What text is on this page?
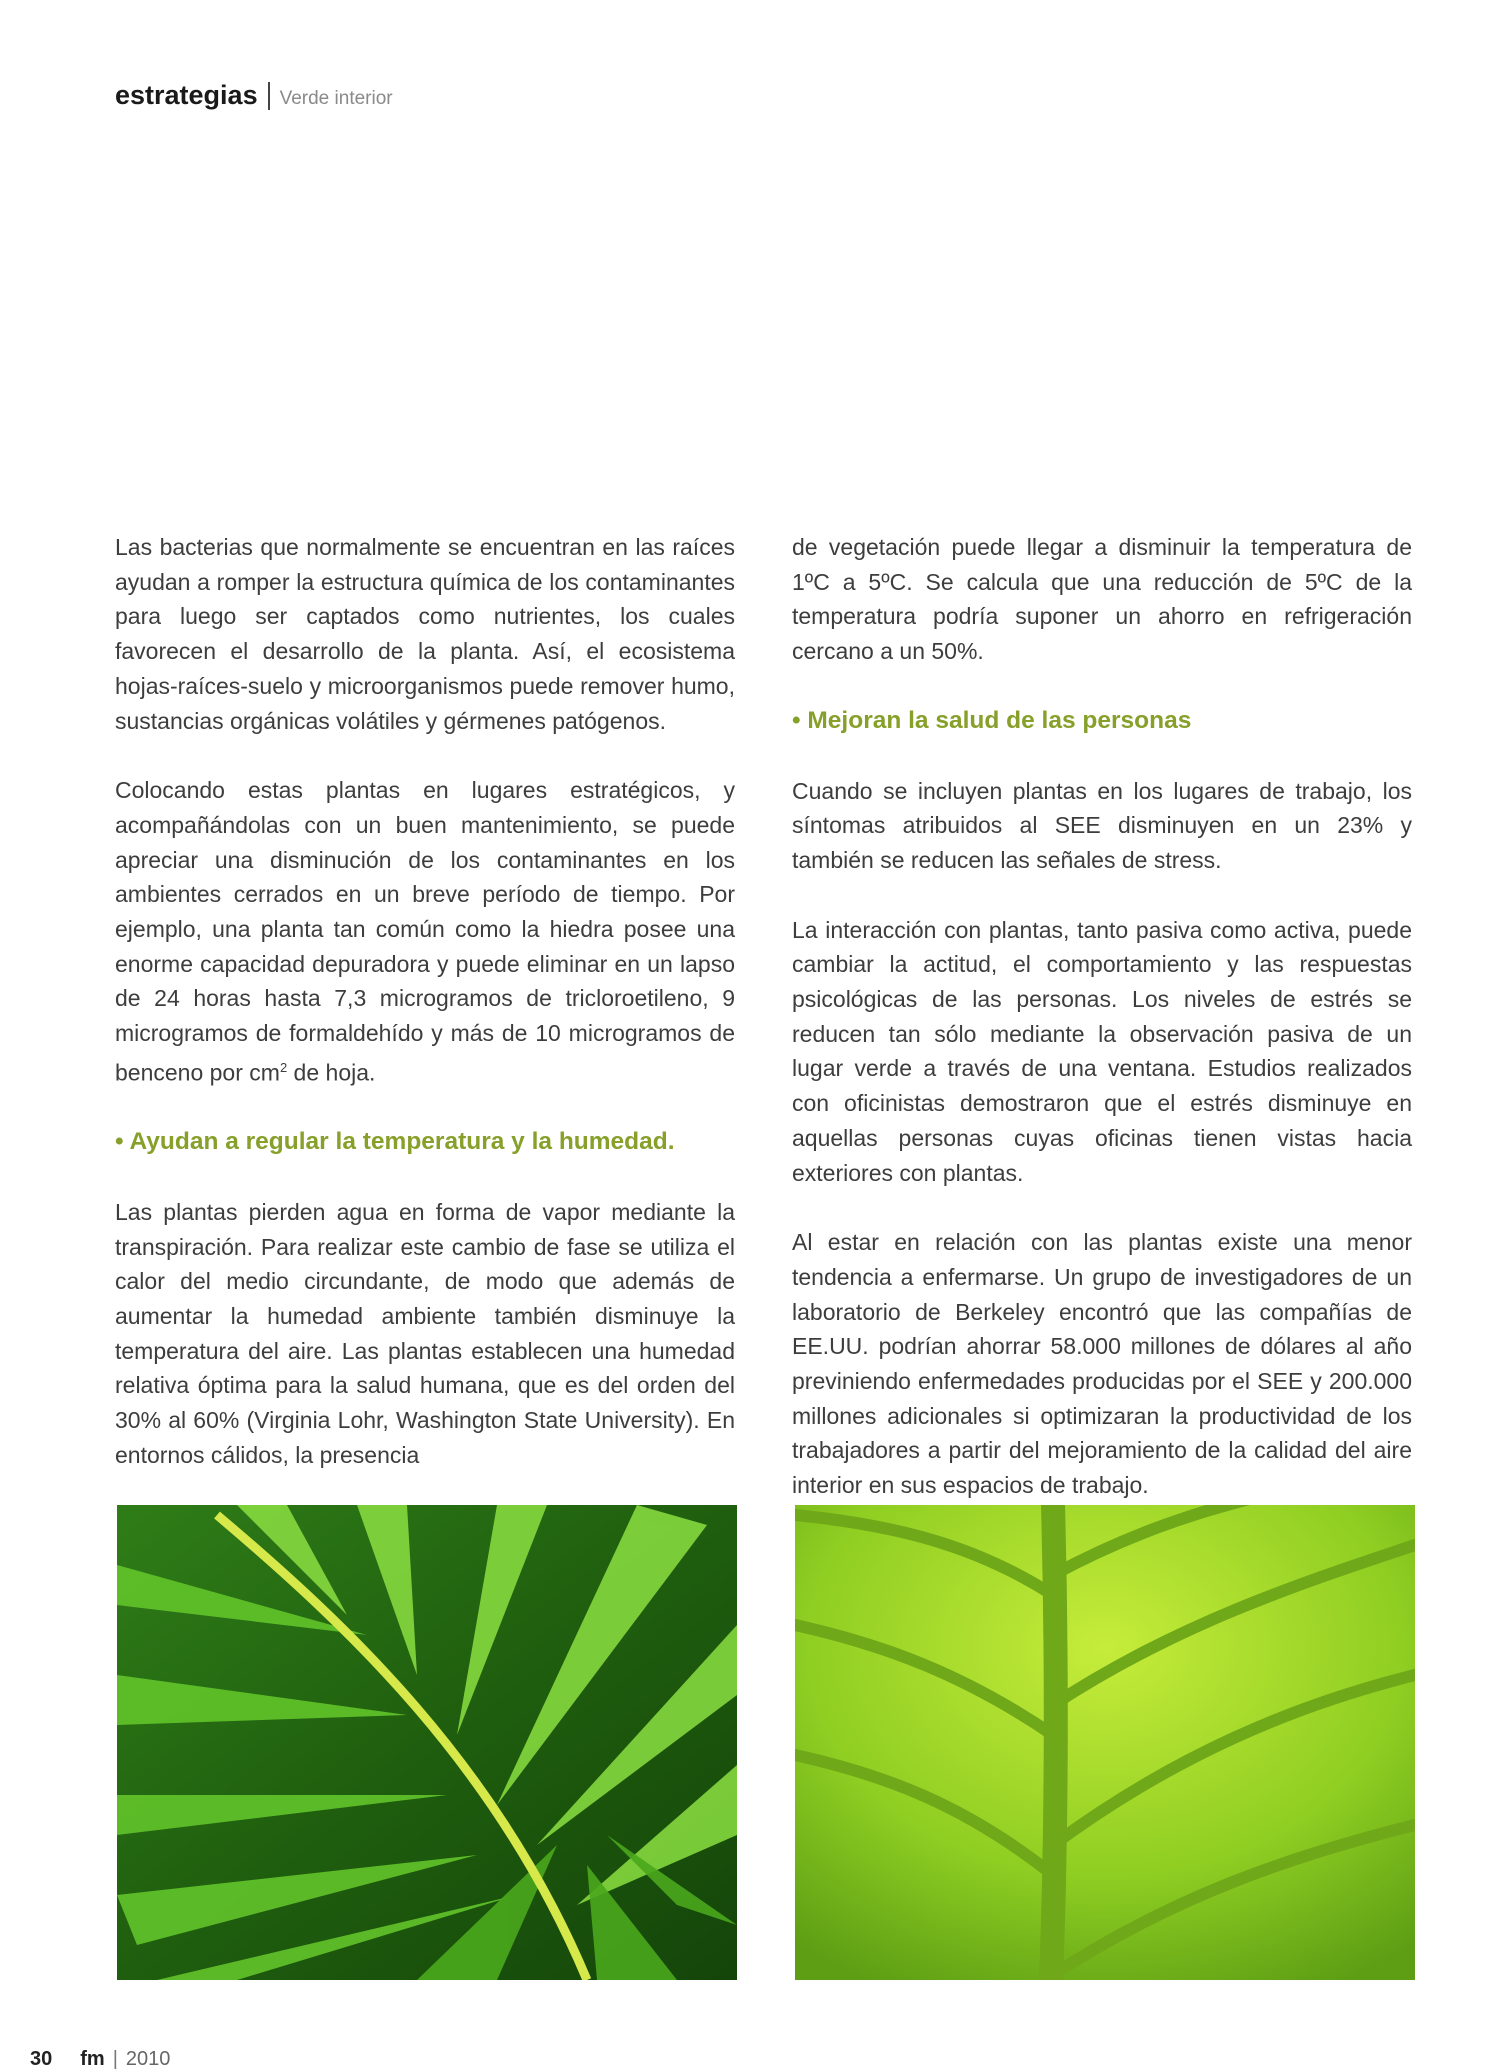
estrategias Verde interior

Las bacterias que normalmente se encuentran en las raíces ayudan a romper la estructura química de los contaminantes para luego ser captados como nutrientes, los cuales favorecen el desarrollo de la planta. Así, el ecosistema hojas-raíces-suelo y microorganismos puede remover humo, sustancias orgánicas volátiles y gérmenes patógenos.

Colocando estas plantas en lugares estratégicos, y acompañándolas con un buen mantenimiento, se puede apreciar una disminución de los contaminantes en los ambientes cerrados en un breve período de tiempo. Por ejemplo, una planta tan común como la hiedra posee una enorme capacidad depuradora y puede eliminar en un lapso de 24 horas hasta 7,3 microgramos de tricloroetileno, 9 microgramos de formaldehído y más de 10 microgramos de benceno por $cm^2$ de hoja.

• Ayudan a regular la temperatura y la humedad.

Las plantas pierden agua en forma de vapor mediante la transpiración. Para realizar este cambio de fase se utiliza el calor del medio circundante, de modo que además de aumentar la humedad ambiente también disminuye la temperatura del aire. Las plantas establecen una humedad relativa óptima para la salud humana, que es del orden del 30% al 60% (Virginia Lohr, Washington State University). En entornos cálidos, la presencia

de vegetación puede llegar a disminuir la temperatura de 1ºC a 5ºC. Se calcula que una reducción de 5ºC de la temperatura podría suponer un ahorro en refrigeración cercano a un 50%.

• Mejoran la salud de las personas

Cuando se incluyen plantas en los lugares de trabajo, los síntomas atribuidos al SEE disminuyen en un 23% y también se reducen las señales de stress.

La interacción con plantas, tanto pasiva como activa, puede cambiar la actitud, el comportamiento y las respuestas psicológicas de las personas. Los niveles de estrés se reducen tan sólo mediante la observación pasiva de un lugar verde a través de una ventana. Estudios realizados con oficinistas demostraron que el estrés disminuye en aquellas personas cuyas oficinas tienen vistas hacia exteriores con plantas.

Al estar en relación con las plantas existe una menor tendencia a enfermarse. Un grupo de investigadores de un laboratorio de Berkeley encontró que las compañías de EE.UU. podrían ahorrar 58.000 millones de dólares al año previniendo enfermedades producidas por el SEE y 200.000 millones adicionales si optimizaran la productividad de los trabajadores a partir del mejoramiento de la calidad del aire interior en sus espacios de trabajo.

30 fm | 2010
